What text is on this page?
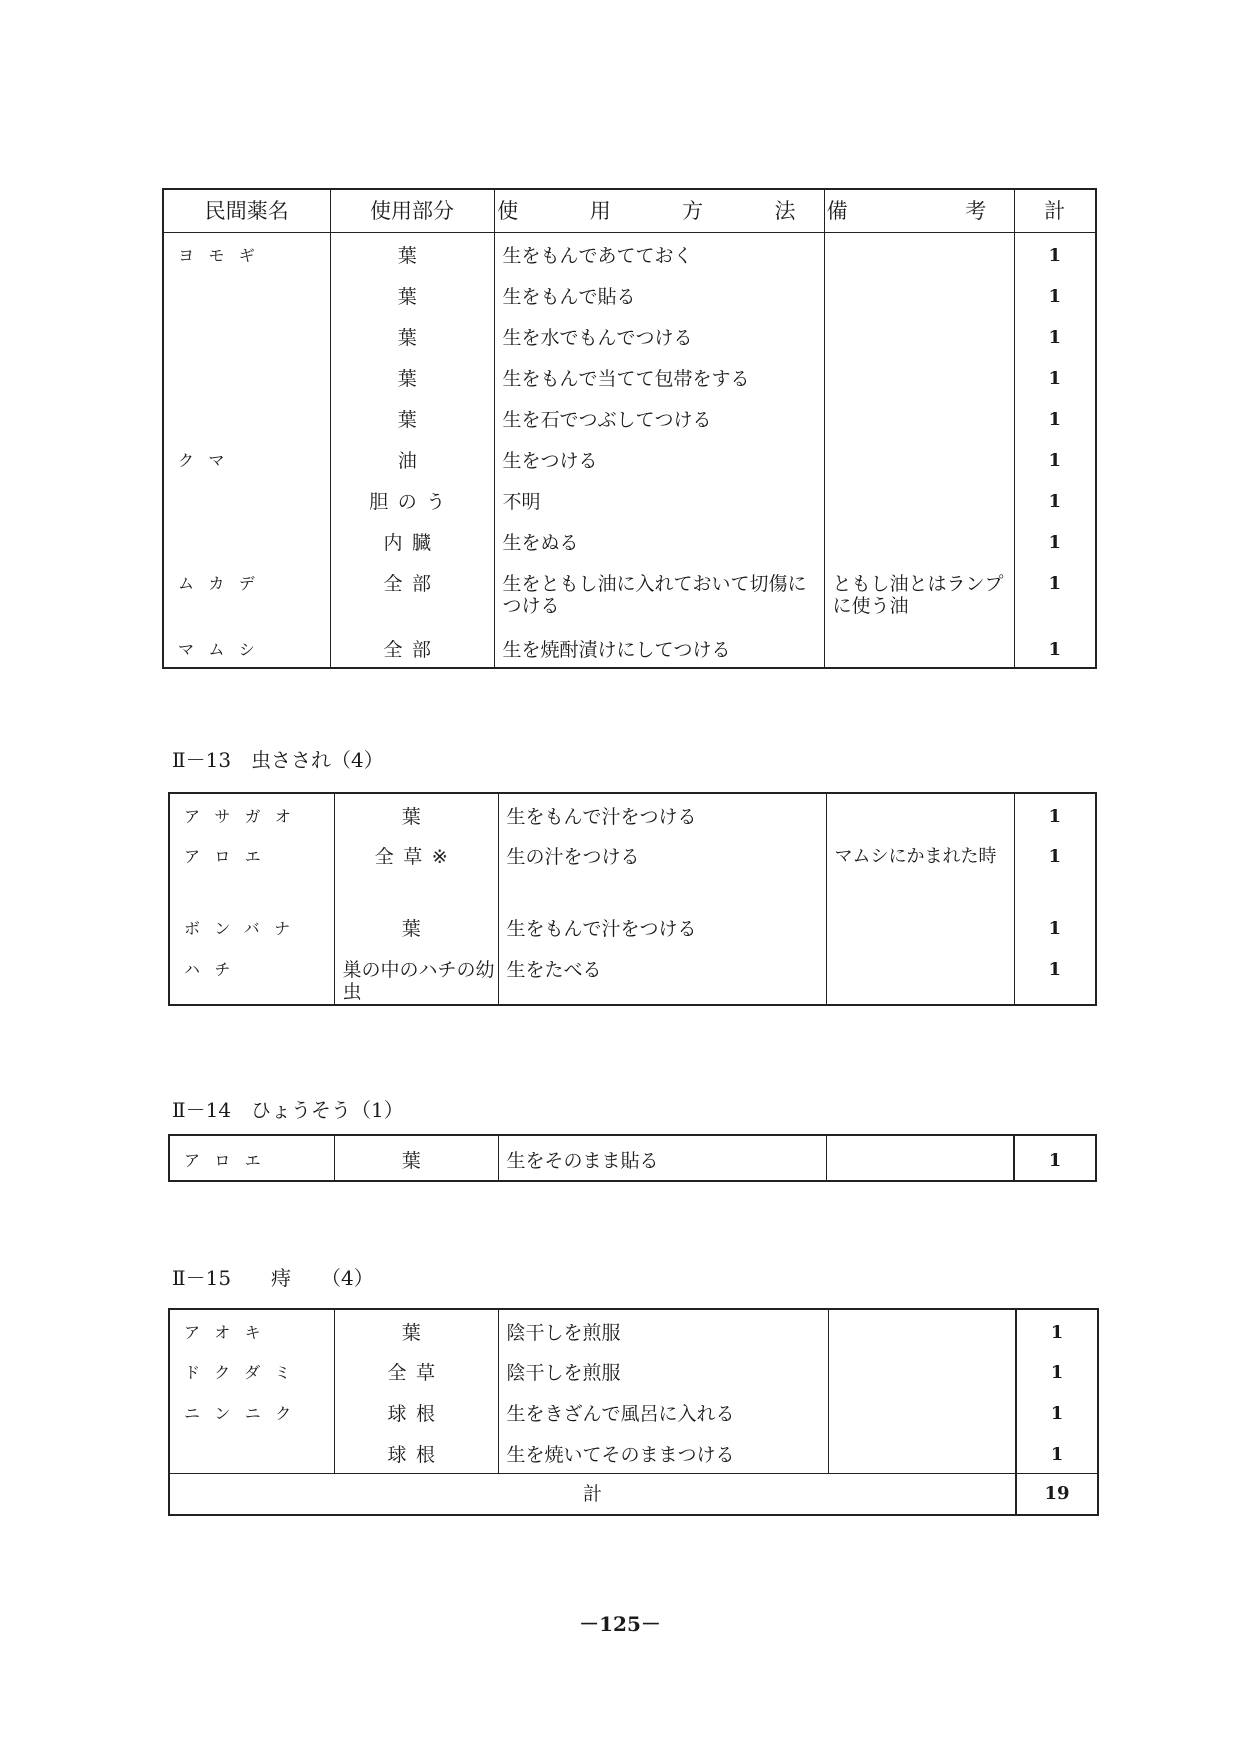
民間薬名	使用部分	使　用　方　法	備　　考	計
ヨモギ	葉	生をもんであてておく		1
	葉	生をもんで貼る		1
	葉	生を水でもんでつける		1
	葉	生をもんで当てて包帯をする		1
	葉	生を石でつぶしてつける		1
クマ	油	生をつける		1
	胆のう	不明		1
	内臓	生をぬる		1
ムカデ	全部	生をともし油に入れておいて切傷につける	ともし油とはランプに使う油	1
マムシ	全部	生を焼酎漬けにしてつける		1
Ⅱ－13　虫さされ（4）
アサガオ	葉	生をもんで汁をつける		1
アロエ	全草※	生の汁をつける	マムシにかまれた時	1
ボンバナ	葉	生をもんで汁をつける		1
ハチ	巣の中のハチの幼虫	生をたべる		1
Ⅱ－14　ひょうそう（1）
アロエ	葉	生をそのまま貼る		1
Ⅱ－15　　痔　　（4）
アオキ	葉	陰干しを煎服		1
ドクダミ	全草	陰干しを煎服		1
ニンニク	球根	生をきざんで風呂に入れる		1
	球根	生を焼いてそのままつける		1
計				19
－125－
